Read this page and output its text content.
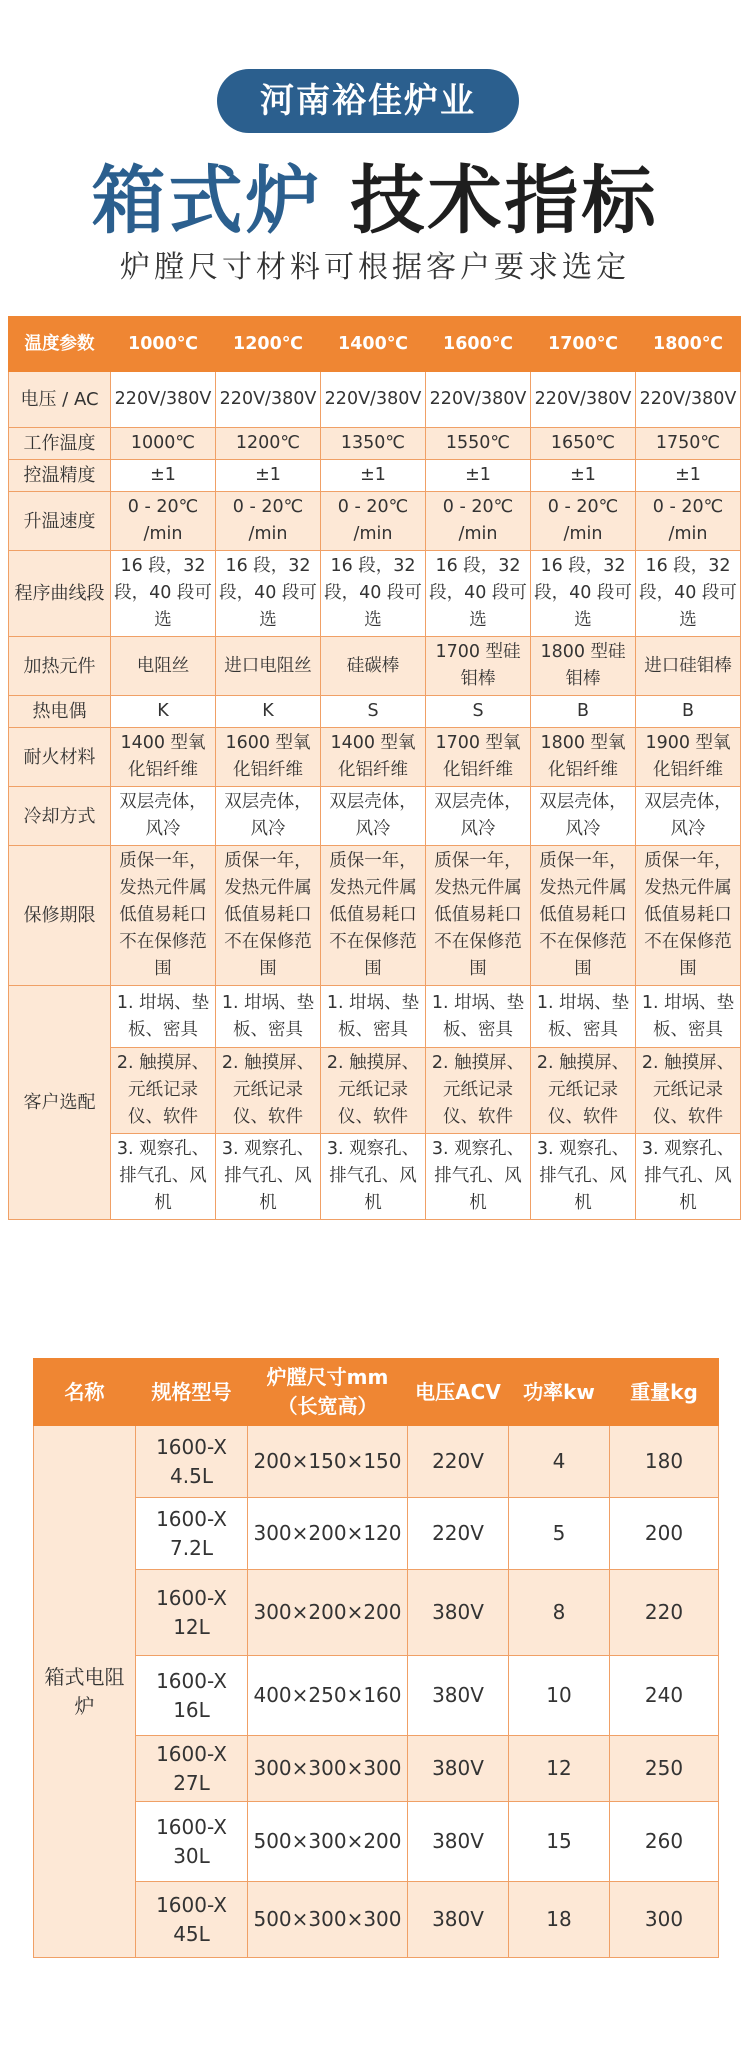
河南裕佳炉业
箱式炉 技术指标
炉膛尺寸材料可根据客户要求选定
温度参数	1000℃	1200℃	1400℃	1600℃	1700℃	1800℃
电压 / AC	220V/380V	220V/380V	220V/380V	220V/380V	220V/380V	220V/380V
工作温度	1000℃	1200℃	1350℃	1550℃	1650℃	1750℃
控温精度	±1	±1	±1	±1	±1	±1
升温速度	0 - 20℃ /min	0 - 20℃ /min	0 - 20℃ /min	0 - 20℃ /min	0 - 20℃ /min	0 - 20℃ /min
程序曲线段	16 段，32 段，40 段可选	16 段，32 段，40 段可选	16 段，32 段，40 段可选	16 段，32 段，40 段可选	16 段，32 段，40 段可选	16 段，32 段，40 段可选
加热元件	电阻丝	进口电阻丝	硅碳棒	1700 型硅钼棒	1800 型硅钼棒	进口硅钼棒
热电偶	K	K	S	S	B	B
耐火材料	1400 型氧化铝纤维	1600 型氧化铝纤维	1400 型氧化铝纤维	1700 型氧化铝纤维	1800 型氧化铝纤维	1900 型氧化铝纤维
冷却方式	双层壳体，风冷	双层壳体，风冷	双层壳体，风冷	双层壳体，风冷	双层壳体，风冷	双层壳体，风冷
保修期限	质保一年，发热元件属低值易耗口不在保修范围	质保一年，发热元件属低值易耗口不在保修范围	质保一年，发热元件属低值易耗口不在保修范围	质保一年，发热元件属低值易耗口不在保修范围	质保一年，发热元件属低值易耗口不在保修范围	质保一年，发热元件属低值易耗口不在保修范围
客户选配	1. 坩埚、垫板、密具	1. 坩埚、垫板、密具	1. 坩埚、垫板、密具	1. 坩埚、垫板、密具	1. 坩埚、垫板、密具	1. 坩埚、垫板、密具
	2. 触摸屏、元纸记录仪、软件	2. 触摸屏、元纸记录仪、软件	2. 触摸屏、元纸记录仪、软件	2. 触摸屏、元纸记录仪、软件	2. 触摸屏、元纸记录仪、软件	2. 触摸屏、元纸记录仪、软件
	3. 观察孔、排气孔、风机	3. 观察孔、排气孔、风机	3. 观察孔、排气孔、风机	3. 观察孔、排气孔、风机	3. 观察孔、排气孔、风机	3. 观察孔、排气孔、风机
名称	规格型号	炉膛尺寸mm（长宽高）	电压ACV	功率kw	重量kg
箱式电阻炉	1600-X 4.5L	200×150×150	220V	4	180
	1600-X 7.2L	300×200×120	220V	5	200
	1600-X 12L	300×200×200	380V	8	220
	1600-X 16L	400×250×160	380V	10	240
	1600-X 27L	300×300×300	380V	12	250
	1600-X 30L	500×300×200	380V	15	260
	1600-X 45L	500×300×300	380V	18	300
